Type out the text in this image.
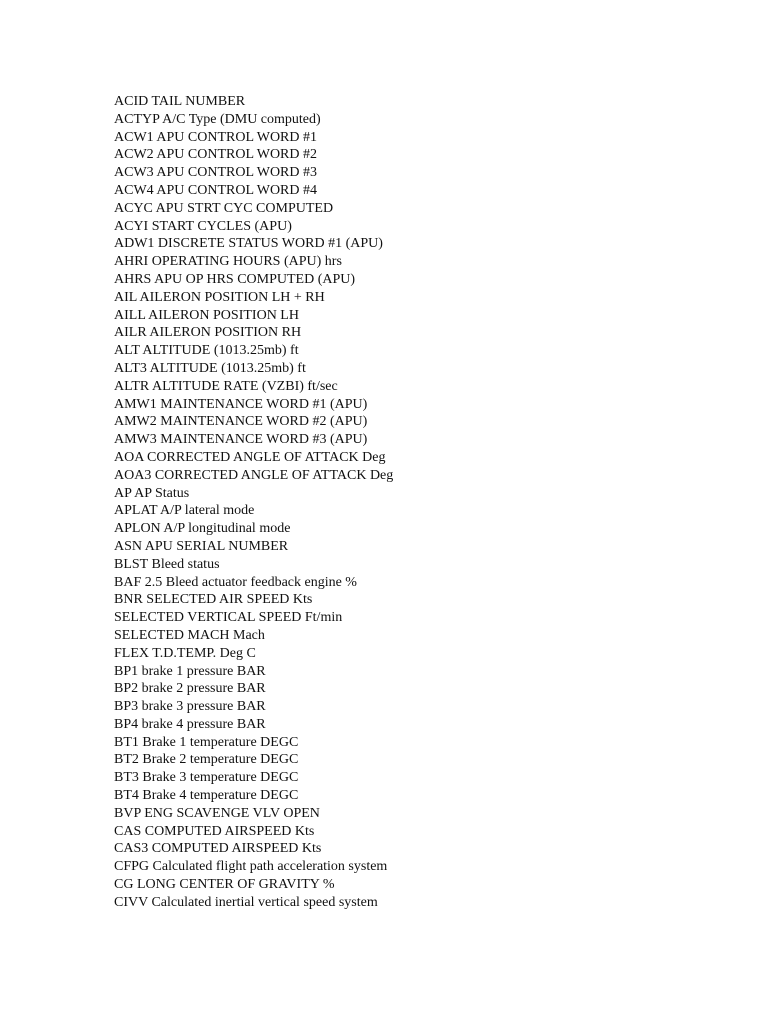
ACID TAIL NUMBER
ACTYP A/C Type (DMU computed)
ACW1 APU CONTROL WORD #1
ACW2 APU CONTROL WORD #2
ACW3 APU CONTROL WORD #3
ACW4 APU CONTROL WORD #4
ACYC APU STRT CYC COMPUTED
ACYI START CYCLES (APU)
ADW1 DISCRETE STATUS WORD #1 (APU)
AHRI OPERATING HOURS (APU) hrs
AHRS APU OP HRS COMPUTED (APU)
AIL AILERON POSITION LH + RH
AILL AILERON POSITION LH
AILR AILERON POSITION RH
ALT ALTITUDE (1013.25mb) ft
ALT3 ALTITUDE (1013.25mb) ft
ALTR ALTITUDE RATE (VZBI) ft/sec
AMW1 MAINTENANCE WORD #1 (APU)
AMW2 MAINTENANCE WORD #2 (APU)
AMW3 MAINTENANCE WORD #3 (APU)
AOA CORRECTED ANGLE OF ATTACK Deg
AOA3 CORRECTED ANGLE OF ATTACK Deg
AP AP Status
APLAT A/P lateral mode
APLON A/P longitudinal mode
ASN APU SERIAL NUMBER
BLST Bleed status
BAF 2.5 Bleed actuator feedback engine %
BNR SELECTED AIR SPEED Kts
SELECTED VERTICAL SPEED Ft/min
SELECTED MACH Mach
FLEX T.D.TEMP. Deg C
BP1 brake 1 pressure BAR
BP2 brake 2 pressure BAR
BP3 brake 3 pressure BAR
BP4 brake 4 pressure BAR
BT1 Brake 1 temperature DEGC
BT2 Brake 2 temperature DEGC
BT3 Brake 3 temperature DEGC
BT4 Brake 4 temperature DEGC
BVP ENG SCAVENGE VLV OPEN
CAS COMPUTED AIRSPEED Kts
CAS3 COMPUTED AIRSPEED Kts
CFPG Calculated flight path acceleration system
CG LONG CENTER OF GRAVITY %
CIVV Calculated inertial vertical speed system
